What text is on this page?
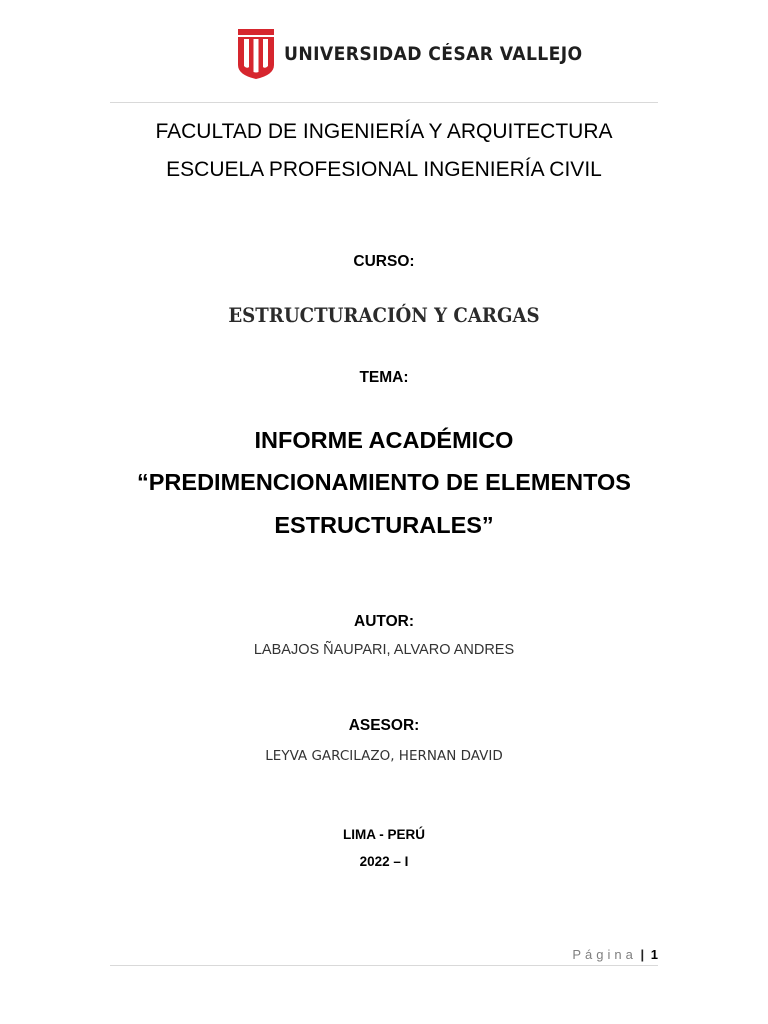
UNIVERSIDAD CÉSAR VALLEJO
FACULTAD DE INGENIERÍA Y ARQUITECTURA
ESCUELA PROFESIONAL INGENIERÍA CIVIL
CURSO:
ESTRUCTURACIÓN Y CARGAS
TEMA:
INFORME ACADÉMICO
“PREDIMENCIONAMIENTO DE ELEMENTOS
ESTRUCTURALES”
AUTOR:
LABAJOS ÑAUPARI, ALVARO ANDRES
ASESOR:
LEYVA GARCILAZO, HERNAN DAVID
LIMA - PERÚ
2022 – I
Página | 1
